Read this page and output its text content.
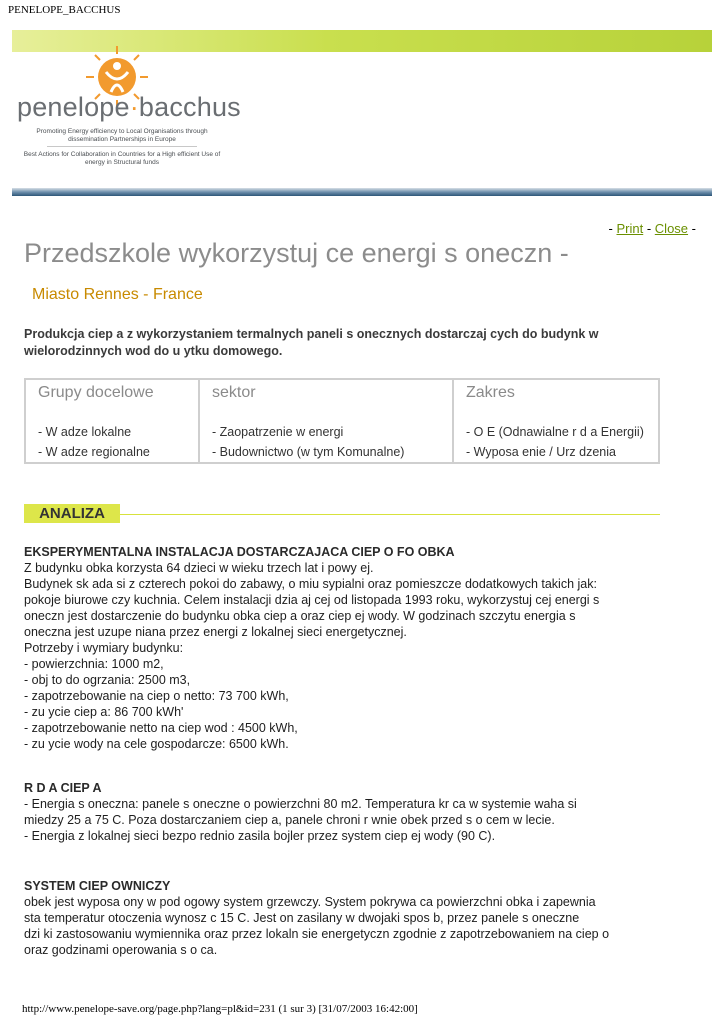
PENELOPE_BACCHUS
penelope·bacchus
Promoting Energy efficiency to Local Organisations through dissemination Partnerships in Europe
Best Actions for Collaboration in Countries for a High efficient Use of energy in Structural funds
- Print - Close -
Przedszkole wykorzystuj ce energi s oneczn -
Miasto Rennes - France
Produkcja ciep a z wykorzystaniem termalnych paneli s onecznych dostarczaj cych do budynk w wielorodzinnych wod do u ytku domowego.
Grupy docelowe
- W adze lokalne
- W adze regionalne
sektor
- Zaopatrzenie w energi
- Budownictwo (w tym Komunalne)
Zakres
- O E (Odnawialne r d a Energii)
- Wyposa enie / Urz dzenia
ANALIZA
EKSPERYMENTALNA INSTALACJA DOSTARCZAJACA CIEP O FO OBKA
Z budynku obka korzysta 64 dzieci w wieku trzech lat i powy ej.
Budynek sk ada si z czterech pokoi do zabawy, o miu sypialni oraz pomieszcze dodatkowych takich jak:
pokoje biurowe czy kuchnia. Celem instalacji dzia aj cej od listopada 1993 roku, wykorzystuj cej energi s
oneczn jest dostarczenie do budynku obka ciep a oraz ciep ej wody. W godzinach szczytu energia s
oneczna jest uzupe niana przez energi z lokalnej sieci energetycznej.
Potrzeby i wymiary budynku:
- powierzchnia: 1000 m2,
- obj to do ogrzania: 2500 m3,
- zapotrzebowanie na ciep o netto: 73 700 kWh,
- zu ycie ciep a: 86 700 kWh'
- zapotrzebowanie netto na ciep wod : 4500 kWh,
- zu ycie wody na cele gospodarcze: 6500 kWh.
R D A CIEP A
- Energia s oneczna: panele s oneczne o powierzchni 80 m2. Temperatura kr ca w systemie waha si
miedzy 25 a 75 C. Poza dostarczaniem ciep a, panele chroni r wnie obek przed s o cem w lecie.
- Energia z lokalnej sieci bezpo rednio zasila bojler przez system ciep ej wody (90 C).
SYSTEM CIEP OWNICZY
obek jest wyposa ony w pod ogowy system grzewczy. System pokrywa ca powierzchni obka i zapewnia
sta temperatur otoczenia wynosz c 15 C. Jest on zasilany w dwojaki spos b, przez panele s oneczne
dzi ki zastosowaniu wymiennika oraz przez lokaln sie energetyczn zgodnie z zapotrzebowaniem na ciep o
oraz godzinami operowania s o ca.
http://www.penelope-save.org/page.php?lang=pl&id=231 (1 sur 3) [31/07/2003 16:42:00]
